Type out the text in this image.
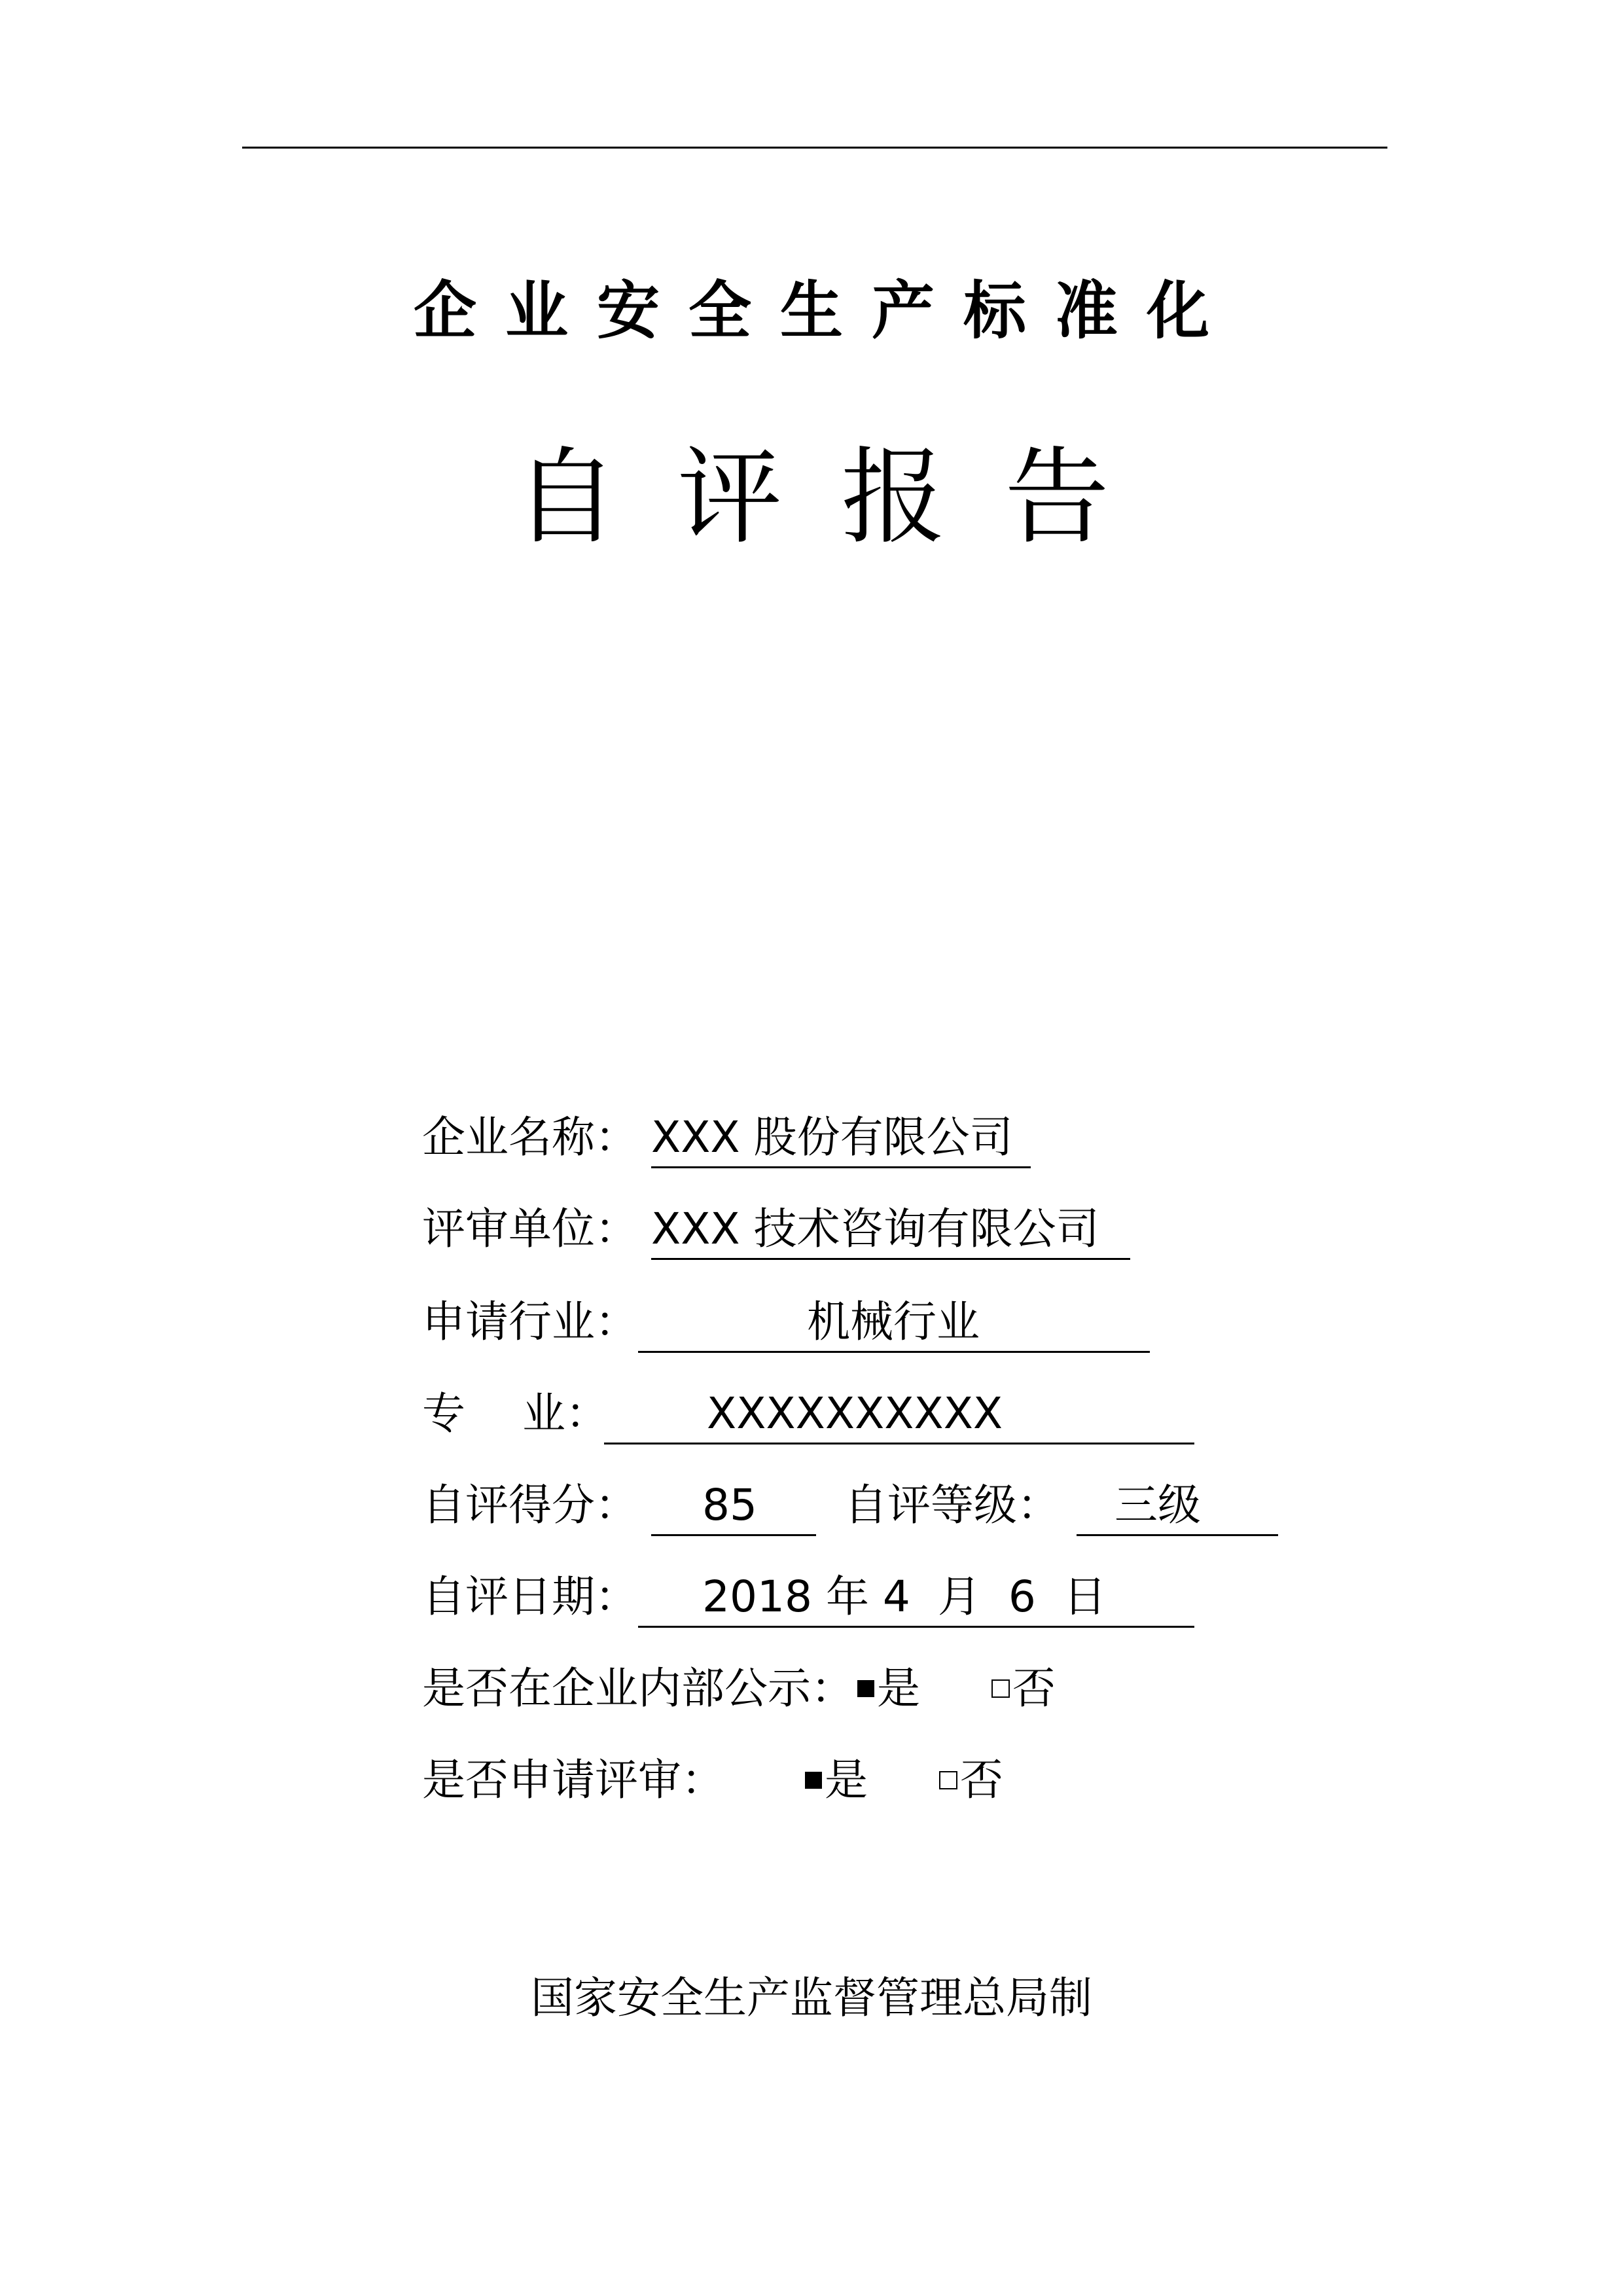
企业安全生产标准化
自评报告
企业名称： XXX 股份有限公司
评审单位： XXX 技术咨询有限公司
申请行业：	机械行业
专　 业： XXXXXXXXXX
自评得分： 85 自评等级： 三级
自评日期： 2018 年 4  月  6  日
是否在企业内部公示： 是	否
是否申请评审：	是	否
国家安全生产监督管理总局制
